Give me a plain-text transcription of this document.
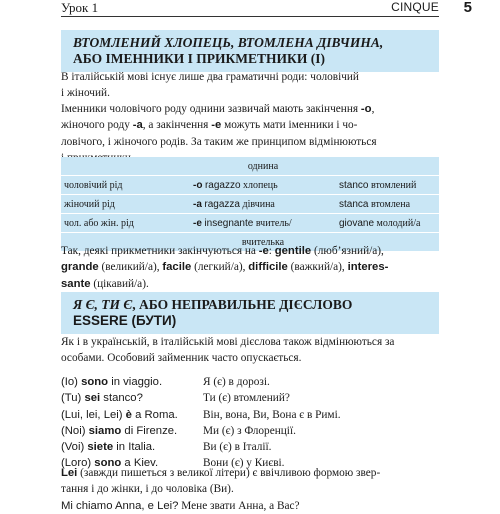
Урок 1	CINQUE 5
ВТОМЛЕНИЙ ХЛОПЕЦЬ, ВТОМЛЕНА ДІВЧИНА,
АБО ІМЕННИКИ І ПРИКМЕТНИКИ (І)
В італійській мові існує лише два граматичні роди: чоловічий
і жіночий.
Іменники чоловічого роду однини зазвичай мають закінчення -o,
жіночого роду -a, а закінчення -e можуть мати іменники і чо-
ловічого, і жіночого родів. За таким же принципом відмінюються

	однина	
чоловічий рід	-o ragazzo хлопець	stanco втомлений
жіночий рід	-a ragazza дівчина	stanca втомлена
чол. або жін. рід	-e insegnante вчитель/	giovane молодий/а
	вчителька	
Так, деякі прикметники закінчуються на -e: gentile (люб’язний/а),
grande (великий/а), facile (легкий/а), difficile (важкий/а), interes-
sante (цікавий/а).
Я Є, ТИ Є, АБО НЕПРАВИЛЬНЕ ДІЄСЛОВО
ESSERE (БУТИ)
Як і в українській, в італійській мові дієслова також відмінюються за
особами. Особовий займенник часто опускається.
(Io) sono in viaggio.	Я (є) в дорозі.
(Tu) sei stanco?	Ти (є) втомлений?
(Lui, lei, Lei) è a Roma. Він, вона, Ви, Вона є в Римі.
(Noi) siamo di Firenze. Ми (є) з Флоренції.
(Voi) siete in Italia.	Ви (є) в Італії.
(Loro) sono a Kiev.	Вони (є) у Києві.
Lei (завжди пишеться з великої літери) є ввічливою формою звер-
тання і до жінки, і до чоловіка (Ви).
Mi chiamo Anna, e Lei? Мене звати Анна, а Вас?
